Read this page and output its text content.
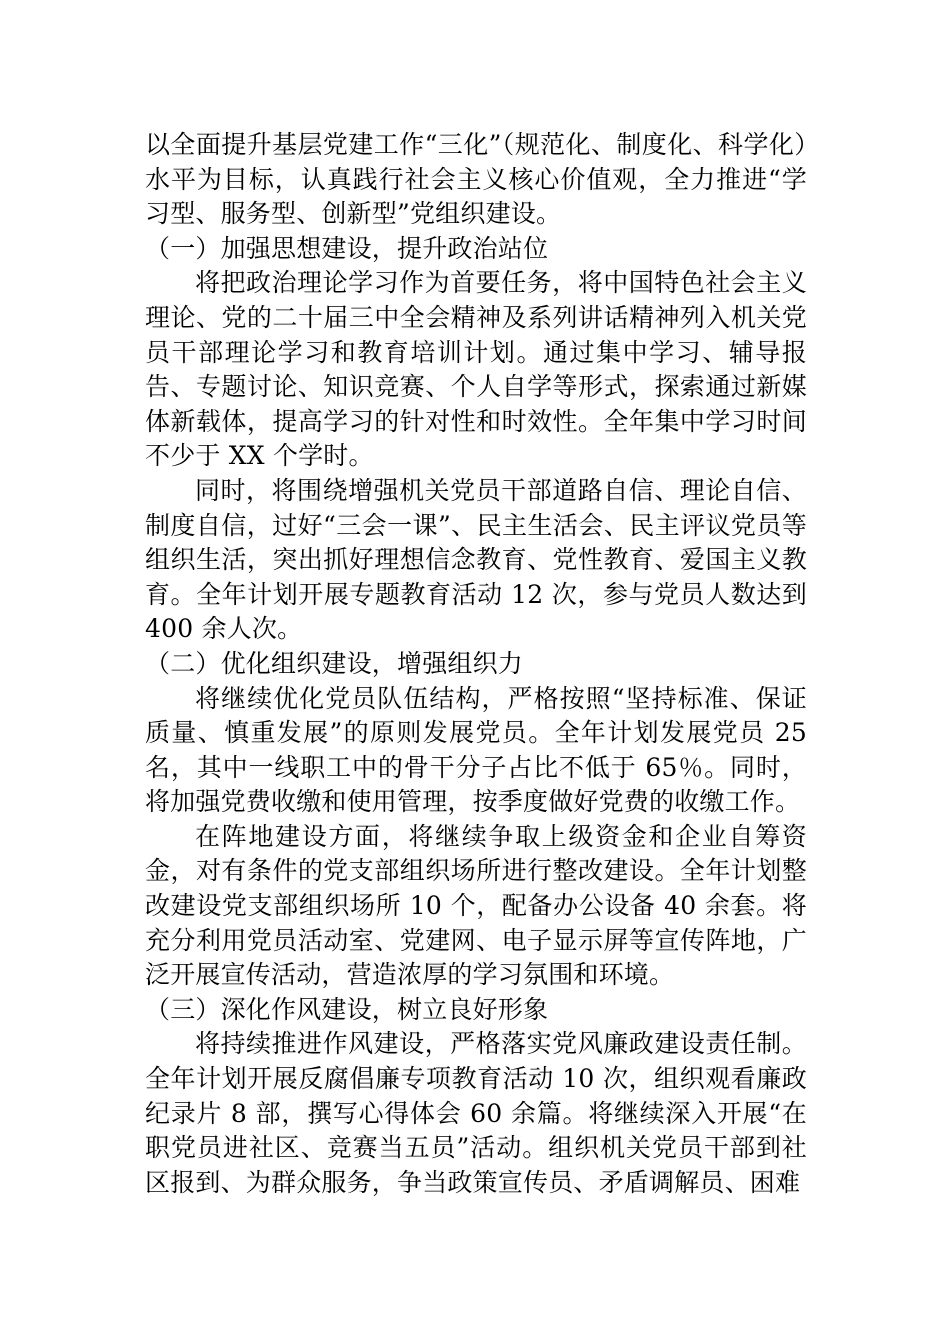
以全面提升基层党建工作“三化”（规范化、制度化、科学化）水平为目标，认真践行社会主义核心价值观，全力推进“学习型、服务型、创新型”党组织建设。

（一）加强思想建设，提升政治站位

将把政治理论学习作为首要任务，将中国特色社会主义理论、党的二十届三中全会精神及系列讲话精神列入机关党员干部理论学习和教育培训计划。通过集中学习、辅导报告、专题讨论、知识竞赛、个人自学等形式，探索通过新媒体新载体，提高学习的针对性和时效性。全年集中学习时间不少于 XX 个学时。

同时，将围绕增强机关党员干部道路自信、理论自信、制度自信，过好“三会一课”、民主生活会、民主评议党员等组织生活，突出抓好理想信念教育、党性教育、爱国主义教育。全年计划开展专题教育活动 12 次，参与党员人数达到 400 余人次。

（二）优化组织建设，增强组织力

将继续优化党员队伍结构，严格按照“坚持标准、保证质量、慎重发展”的原则发展党员。全年计划发展党员 25 名，其中一线职工中的骨干分子占比不低于 65％。同时，将加强党费收缴和使用管理，按季度做好党费的收缴工作。

在阵地建设方面，将继续争取上级资金和企业自筹资金，对有条件的党支部组织场所进行整改建设。全年计划整改建设党支部组织场所 10 个，配备办公设备 40 余套。将充分利用党员活动室、党建网、电子显示屏等宣传阵地，广泛开展宣传活动，营造浓厚的学习氛围和环境。

（三）深化作风建设，树立良好形象

将持续推进作风建设，严格落实党风廉政建设责任制。全年计划开展反腐倡廉专项教育活动 10 次，组织观看廉政纪录片 8 部，撰写心得体会 60 余篇。将继续深入开展“在职党员进社区、竞赛当五员”活动。组织机关党员干部到社区报到、为群众服务，争当政策宣传员、矛盾调解员、困难
